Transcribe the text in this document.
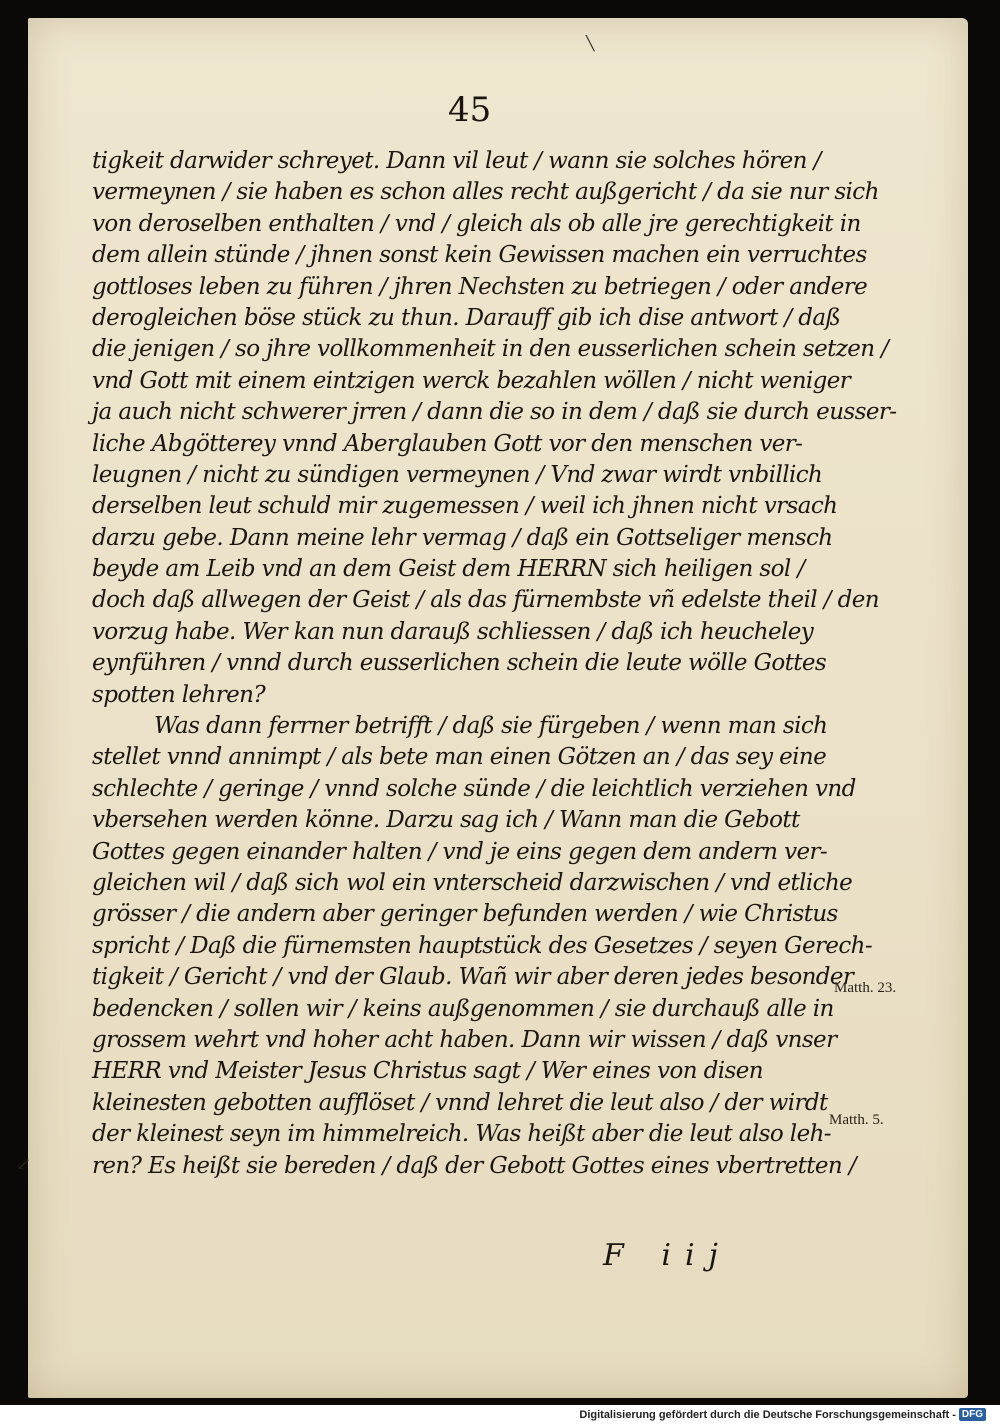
45
tigkeit darwider schreyet. Dann vil leut / wann sie solches hören /
vermeynen / sie haben es schon alles recht außgericht / da sie nur sich
von deroselben enthalten / vnd / gleich als ob alle jre gerechtigkeit in
dem allein stünde / jhnen sonst kein Gewissen machen ein verruchtes
gottloses leben zu führen / jhren Nechsten zu betriegen / oder andere
derogleichen böse stück zu thun. Darauff gib ich dise antwort / daß
die jenigen / so jhre vollkommenheit in den eusserlichen schein setzen /
vnd Gott mit einem eintzigen werck bezahlen wöllen / nicht weniger
ja auch nicht schwerer jrren / dann die so in dem / daß sie durch eusser-
liche Abgötterey vnnd Aberglauben Gott vor den menschen ver-
leugnen / nicht zu sündigen vermeynen / Vnd zwar wirdt vnbillich
derselben leut schuld mir zugemessen / weil ich jhnen nicht vrsach
darzu gebe. Dann meine lehr vermag / daß ein Gottseliger mensch
beyde am Leib vnd an dem Geist dem HERRN sich heiligen sol /
doch daß allwegen der Geist / als das fürnembste vñ edelste theil / den
vorzug habe. Wer kan nun darauß schliessen / daß ich heucheley
eynführen / vnnd durch eusserlichen schein die leute wölle Gottes
spotten lehren?
Was dann ferrner betrifft / daß sie fürgeben / wenn man sich
stellet vnnd annimpt / als bete man einen Götzen an / das sey eine
schlechte / geringe / vnnd solche sünde / die leichtlich verziehen vnd
vbersehen werden könne. Darzu sag ich / Wann man die Gebott
Gottes gegen einander halten / vnd je eins gegen dem andern ver-
gleichen wil / daß sich wol ein vnterscheid darzwischen / vnd etliche
grösser / die andern aber geringer befunden werden / wie Christus
spricht / Daß die fürnemsten hauptstück des Gesetzes / seyen Gerech-
tigkeit / Gericht / vnd der Glaub. Wañ wir aber deren jedes besonder
bedencken / sollen wir / keins außgenommen / sie durchauß alle in
grossem wehrt vnd hoher acht haben. Dann wir wissen / daß vnser
HERR vnd Meister Jesus Christus sagt / Wer eines von disen
kleinesten gebotten aufflöset / vnnd lehret die leut also / der wirdt
der kleinest seyn im himmelreich. Was heißt aber die leut also leh-
ren? Es heißt sie bereden / daß der Gebott Gottes eines vbertretten /
Matth. 23.
Matth. 5.
F iij
↙
╲
Digitalisierung gefördert durch die Deutsche Forschungsgemeinschaft - DFG
